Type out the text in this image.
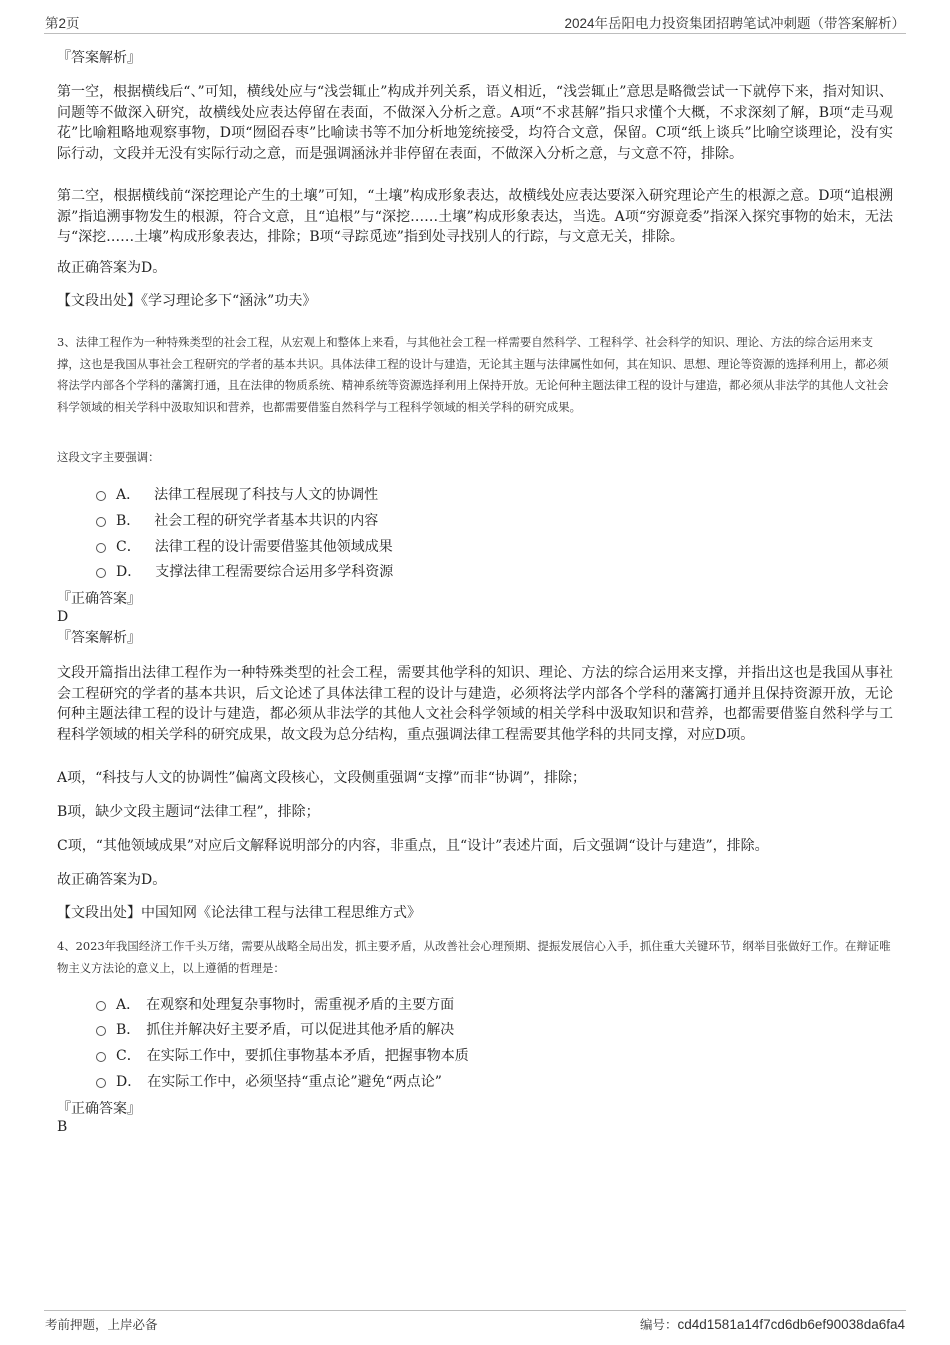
第2页	2024年岳阳电力投资集团招聘笔试冲刺题（带答案解析）
『答案解析』

第一空，根据横线后“、”可知，横线处应与“浅尝辄止”构成并列关系，语义相近，“浅尝辄止”意思是略微尝试一下就停下来，指对知识、问题等不做深入研究，故横线处应表达停留在表面，不做深入分析之意。A项“不求甚解”指只求懂个大概，不求深刻了解，B项“走马观花”比喻粗略地观察事物，D项“囫囵吞枣”比喻读书等不加分析地笼统接受，均符合文意，保留。C项“纸上谈兵”比喻空谈理论，没有实际行动，文段并无没有实际行动之意，而是强调涵泳并非停留在表面，不做深入分析之意，与文意不符，排除。

第二空，根据横线前“深挖理论产生的土壤”可知，“土壤”构成形象表达，故横线处应表达要深入研究理论产生的根源之意。D项“追根溯源”指追溯事物发生的根源，符合文意，且“追根”与“深挖……土壤”构成形象表达，当选。A项“穷源竟委”指深入探究事物的始末，无法与“深挖……土壤”构成形象表达，排除；B项“寻踪觅迹”指到处寻找别人的行踪，与文意无关，排除。

故正确答案为D。
【文段出处】《学习理论多下“涵泳”功夫》

3、法律工程作为一种特殊类型的社会工程，从宏观上和整体上来看，与其他社会工程一样需要自然科学、工程科学、社会科学的知识、理论、方法的综合运用来支撑，这也是我国从事社会工程研究的学者的基本共识。具体法律工程的设计与建造，无论其主题与法律属性如何，其在知识、思想、理论等资源的选择利用上，都必须将法学内部各个学科的藩篱打通，且在法律的物质系统、精神系统等资源选择利用上保持开放。无论何种主题法律工程的设计与建造，都必须从非法学的其他人文社会科学领域的相关学科中汲取知识和营养，也都需要借鉴自然科学与工程科学领域的相关学科的研究成果。

这段文字主要强调：
A． 法律工程展现了科技与人文的协调性
B． 社会工程的研究学者基本共识的内容
C． 法律工程的设计需要借鉴其他领域成果
D． 支撑法律工程需要综合运用多学科资源
『正确答案』
D
『答案解析』

文段开篇指出法律工程作为一种特殊类型的社会工程，需要其他学科的知识、理论、方法的综合运用来支撑，并指出这也是我国从事社会工程研究的学者的基本共识，后文论述了具体法律工程的设计与建造，必须将法学内部各个学科的藩篱打通并且保持资源开放，无论何种主题法律工程的设计与建造，都必须从非法学的其他人文社会科学领域的相关学科中汲取知识和营养，也都需要借鉴自然科学与工程科学领域的相关学科的研究成果，故文段为总分结构，重点强调法律工程需要其他学科的共同支撑，对应D项。

A项，“科技与人文的协调性”偏离文段核心，文段侧重强调“支撑”而非“协调”，排除；
B项，缺少文段主题词“法律工程”，排除；
C项，“其他领域成果”对应后文解释说明部分的内容，非重点，且“设计”表述片面，后文强调“设计与建造”，排除。
故正确答案为D。
【文段出处】中国知网《论法律工程与法律工程思维方式》

4、2023年我国经济工作千头万绪，需要从战略全局出发，抓主要矛盾，从改善社会心理预期、提振发展信心入手，抓住重大关键环节，纲举目张做好工作。在辩证唯物主义方法论的意义上，以上遵循的哲理是：

A． 在观察和处理复杂事物时，需重视矛盾的主要方面
B． 抓住并解决好主要矛盾，可以促进其他矛盾的解决
C． 在实际工作中，要抓住事物基本矛盾，把握事物本质
D． 在实际工作中，必须坚持“重点论”避免“两点论”
『正确答案』
B
考前押题，上岸必备	编号：cd4d1581a14f7cd6db6ef90038da6fa4
